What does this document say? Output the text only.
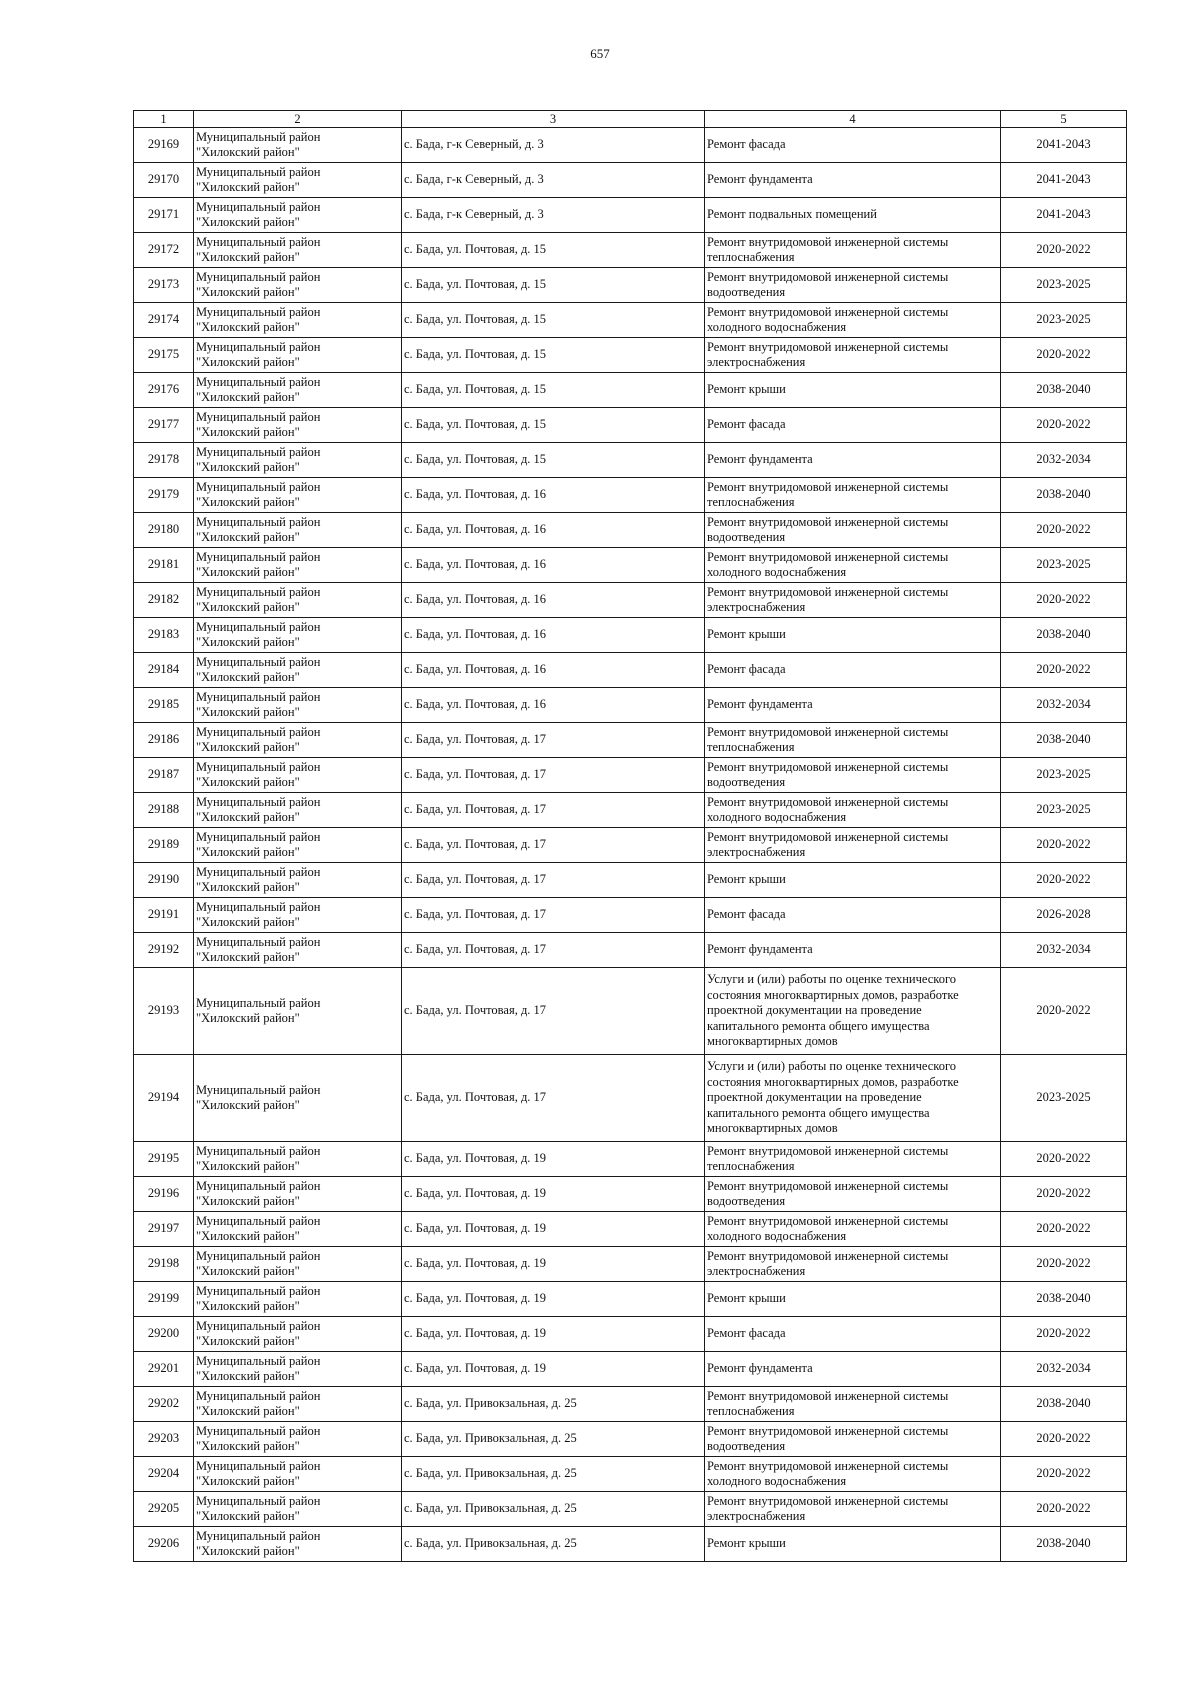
657
1	2	3	4	5
29169	Муниципальный район
"Хилокский район"	с. Бада, г-к Северный, д. 3	Ремонт фасада	2041-2043
29170	Муниципальный район
"Хилокский район"	с. Бада, г-к Северный, д. 3	Ремонт фундамента	2041-2043
29171	Муниципальный район
"Хилокский район"	с. Бада, г-к Северный, д. 3	Ремонт подвальных помещений	2041-2043
29172	Муниципальный район
"Хилокский район"	с. Бада, ул. Почтовая, д. 15	Ремонт внутридомовой инженерной системы
теплоснабжения	2020-2022
29173	Муниципальный район
"Хилокский район"	с. Бада, ул. Почтовая, д. 15	Ремонт внутридомовой инженерной системы
водоотведения	2023-2025
29174	Муниципальный район
"Хилокский район"	с. Бада, ул. Почтовая, д. 15	Ремонт внутридомовой инженерной системы
холодного водоснабжения	2023-2025
29175	Муниципальный район
"Хилокский район"	с. Бада, ул. Почтовая, д. 15	Ремонт внутридомовой инженерной системы
электроснабжения	2020-2022
29176	Муниципальный район
"Хилокский район"	с. Бада, ул. Почтовая, д. 15	Ремонт крыши	2038-2040
29177	Муниципальный район
"Хилокский район"	с. Бада, ул. Почтовая, д. 15	Ремонт фасада	2020-2022
29178	Муниципальный район
"Хилокский район"	с. Бада, ул. Почтовая, д. 15	Ремонт фундамента	2032-2034
29179	Муниципальный район
"Хилокский район"	с. Бада, ул. Почтовая, д. 16	Ремонт внутридомовой инженерной системы
теплоснабжения	2038-2040
29180	Муниципальный район
"Хилокский район"	с. Бада, ул. Почтовая, д. 16	Ремонт внутридомовой инженерной системы
водоотведения	2020-2022
29181	Муниципальный район
"Хилокский район"	с. Бада, ул. Почтовая, д. 16	Ремонт внутридомовой инженерной системы
холодного водоснабжения	2023-2025
29182	Муниципальный район
"Хилокский район"	с. Бада, ул. Почтовая, д. 16	Ремонт внутридомовой инженерной системы
электроснабжения	2020-2022
29183	Муниципальный район
"Хилокский район"	с. Бада, ул. Почтовая, д. 16	Ремонт крыши	2038-2040
29184	Муниципальный район
"Хилокский район"	с. Бада, ул. Почтовая, д. 16	Ремонт фасада	2020-2022
29185	Муниципальный район
"Хилокский район"	с. Бада, ул. Почтовая, д. 16	Ремонт фундамента	2032-2034
29186	Муниципальный район
"Хилокский район"	с. Бада, ул. Почтовая, д. 17	Ремонт внутридомовой инженерной системы
теплоснабжения	2038-2040
29187	Муниципальный район
"Хилокский район"	с. Бада, ул. Почтовая, д. 17	Ремонт внутридомовой инженерной системы
водоотведения	2023-2025
29188	Муниципальный район
"Хилокский район"	с. Бада, ул. Почтовая, д. 17	Ремонт внутридомовой инженерной системы
холодного водоснабжения	2023-2025
29189	Муниципальный район
"Хилокский район"	с. Бада, ул. Почтовая, д. 17	Ремонт внутридомовой инженерной системы
электроснабжения	2020-2022
29190	Муниципальный район
"Хилокский район"	с. Бада, ул. Почтовая, д. 17	Ремонт крыши	2020-2022
29191	Муниципальный район
"Хилокский район"	с. Бада, ул. Почтовая, д. 17	Ремонт фасада	2026-2028
29192	Муниципальный район
"Хилокский район"	с. Бада, ул. Почтовая, д. 17	Ремонт фундамента	2032-2034
29193	Муниципальный район
"Хилокский район"	с. Бада, ул. Почтовая, д. 17	Услуги и (или) работы по оценке технического
состояния многоквартирных домов, разработке
проектной документации на проведение
капитального ремонта общего имущества
многоквартирных домов	2020-2022
29194	Муниципальный район
"Хилокский район"	с. Бада, ул. Почтовая, д. 17	Услуги и (или) работы по оценке технического
состояния многоквартирных домов, разработке
проектной документации на проведение
капитального ремонта общего имущества
многоквартирных домов	2023-2025
29195	Муниципальный район
"Хилокский район"	с. Бада, ул. Почтовая, д. 19	Ремонт внутридомовой инженерной системы
теплоснабжения	2020-2022
29196	Муниципальный район
"Хилокский район"	с. Бада, ул. Почтовая, д. 19	Ремонт внутридомовой инженерной системы
водоотведения	2020-2022
29197	Муниципальный район
"Хилокский район"	с. Бада, ул. Почтовая, д. 19	Ремонт внутридомовой инженерной системы
холодного водоснабжения	2020-2022
29198	Муниципальный район
"Хилокский район"	с. Бада, ул. Почтовая, д. 19	Ремонт внутридомовой инженерной системы
электроснабжения	2020-2022
29199	Муниципальный район
"Хилокский район"	с. Бада, ул. Почтовая, д. 19	Ремонт крыши	2038-2040
29200	Муниципальный район
"Хилокский район"	с. Бада, ул. Почтовая, д. 19	Ремонт фасада	2020-2022
29201	Муниципальный район
"Хилокский район"	с. Бада, ул. Почтовая, д. 19	Ремонт фундамента	2032-2034
29202	Муниципальный район
"Хилокский район"	с. Бада, ул. Привокзальная, д. 25	Ремонт внутридомовой инженерной системы
теплоснабжения	2038-2040
29203	Муниципальный район
"Хилокский район"	с. Бада, ул. Привокзальная, д. 25	Ремонт внутридомовой инженерной системы
водоотведения	2020-2022
29204	Муниципальный район
"Хилокский район"	с. Бада, ул. Привокзальная, д. 25	Ремонт внутридомовой инженерной системы
холодного водоснабжения	2020-2022
29205	Муниципальный район
"Хилокский район"	с. Бада, ул. Привокзальная, д. 25	Ремонт внутридомовой инженерной системы
электроснабжения	2020-2022
29206	Муниципальный район
"Хилокский район"	с. Бада, ул. Привокзальная, д. 25	Ремонт крыши	2038-2040
